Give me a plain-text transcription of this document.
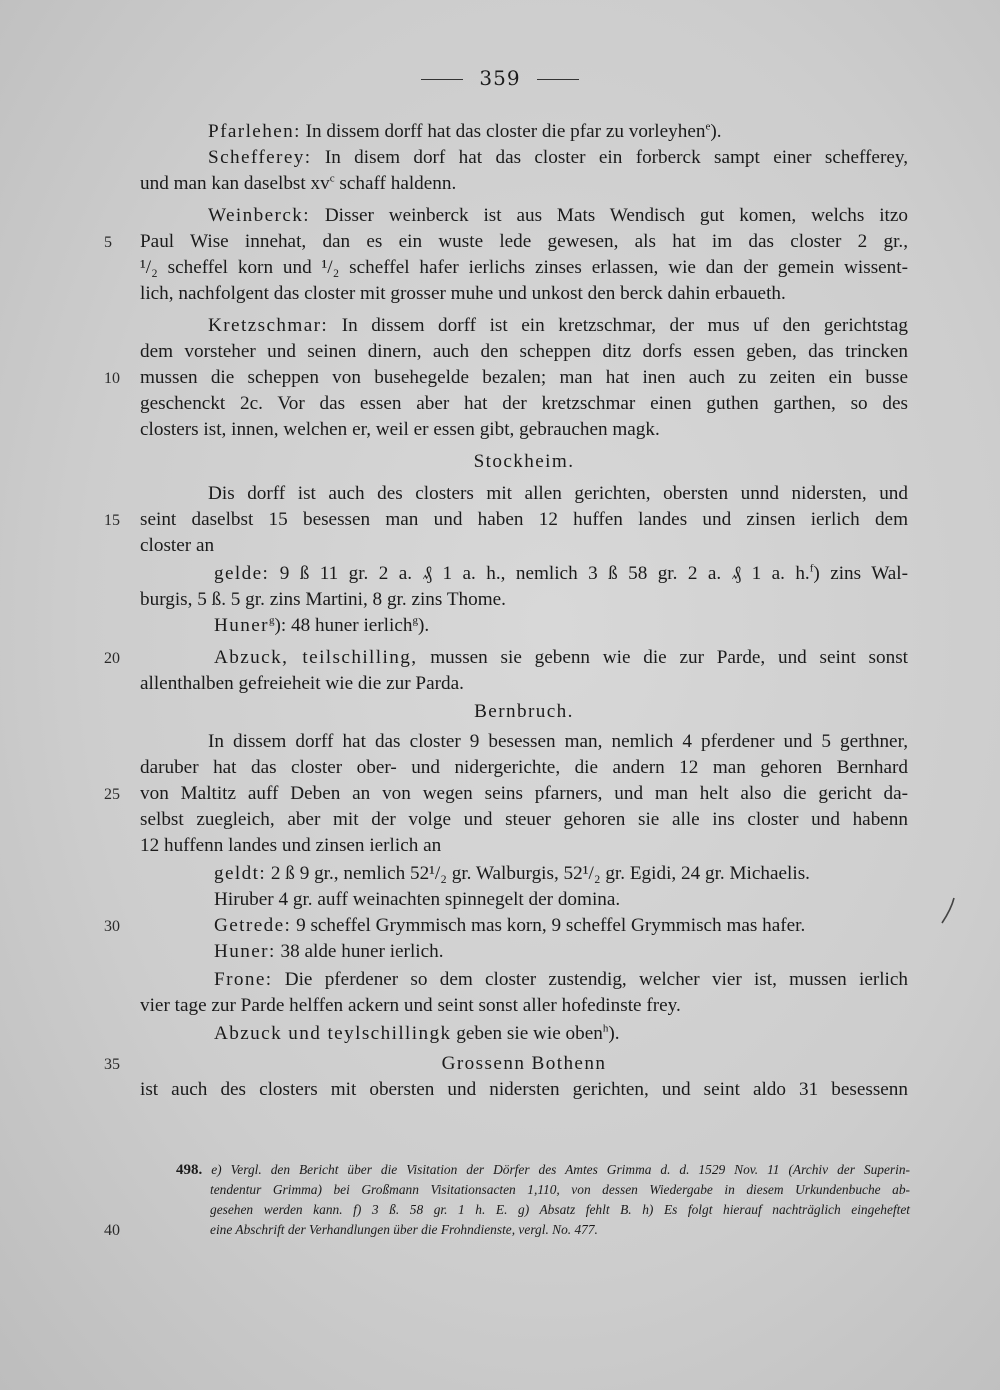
359
Pfarlehen: In dissem dorff hat das closter die pfar zu vorleyhen$^e$).
Schefferey: In disem dorf hat das closter ein forberck sampt einer schefferey,
und man kan daselbst $xv^c$ schaff haldenn.
Weinberck: Disser weinberck ist aus Mats Wendisch gut komen, welchs itzo
Paul Wise innehat, dan es ein wuste lede gewesen, als hat im das closter 2 gr.,
5
¹/₂ scheffel korn und ¹/₂ scheffel hafer ierlichs zinses erlassen, wie dan der gemein wissent-
lich, nachfolgent das closter mit grosser muhe und unkost den berck dahin erbaueth.
Kretzschmar: In dissem dorff ist ein kretzschmar, der mus uf den gerichtstag
dem vorsteher und seinen dinern, auch den scheppen ditz dorfs essen geben, das trincken
mussen die scheppen von busehegelde bezalen; man hat inen auch zu zeiten ein busse
10
geschenckt 2c. Vor das essen aber hat der kretzschmar einen guthen garthen, so des
closters ist, innen, welchen er, weil er essen gibt, gebrauchen magk.
Stockheim.
Dis dorff ist auch des closters mit allen gerichten, obersten unnd nidersten, und
seint daselbst 15 besessen man und haben 12 huffen landes und zinsen ierlich dem
15
closter an
gelde: 9 ß 11 gr. 2 a. ₰ 1 a. h., nemlich 3 ß 58 gr. 2 a. ₰ 1 a. h.$^f$) zins Wal-
burgis, 5 ß. 5 gr. zins Martini, 8 gr. zins Thome.
Huner$^g$): 48 huner ierlich$^g$).
Abzuck, teilschilling, mussen sie gebenn wie die zur Parde, und seint sonst
20
allenthalben gefreieheit wie die zur Parda.
Bernbruch.
In dissem dorff hat das closter 9 besessen man, nemlich 4 pferdener und 5 gerthner,
daruber hat das closter ober- und nidergerichte, die andern 12 man gehoren Bernhard
von Maltitz auff Deben an von wegen seins pfarners, und man helt also die gericht da-
25
selbst zuegleich, aber mit der volge und steuer gehoren sie alle ins closter und habenn
12 huffenn landes und zinsen ierlich an
geldt: 2 ß 9 gr., nemlich 52¹/₂ gr. Walburgis, 52¹/₂ gr. Egidi, 24 gr. Michaelis.
Hiruber 4 gr. auff weinachten spinnegelt der domina.
Getrede: 9 scheffel Grymmisch mas korn, 9 scheffel Grymmisch mas hafer.
30
Huner: 38 alde huner ierlich.
Frone: Die pferdener so dem closter zustendig, welcher vier ist, mussen ierlich
vier tage zur Parde helffen ackern und seint sonst aller hofedinste frey.
Abzuck und teylschillingk geben sie wie oben$^h$).
Grossenn Bothenn
35
ist auch des closters mit obersten und nidersten gerichten, und seint aldo 31 besessenn
498. e) Vergl. den Bericht über die Visitation der Dörfer des Amtes Grimma d. d. 1529 Nov. 11 (Archiv der Superin-
tendentur Grimma) bei Großmann Visitationsacten 1,110, von dessen Wiedergabe in diesem Urkundenbuche ab-
gesehen werden kann. f) 3 ß. 58 gr. 1 h. E. g) Absatz fehlt B. h) Es folgt hierauf nachträglich eingeheftet
eine Abschrift der Verhandlungen über die Frohndienste, vergl. No. 477.
40
